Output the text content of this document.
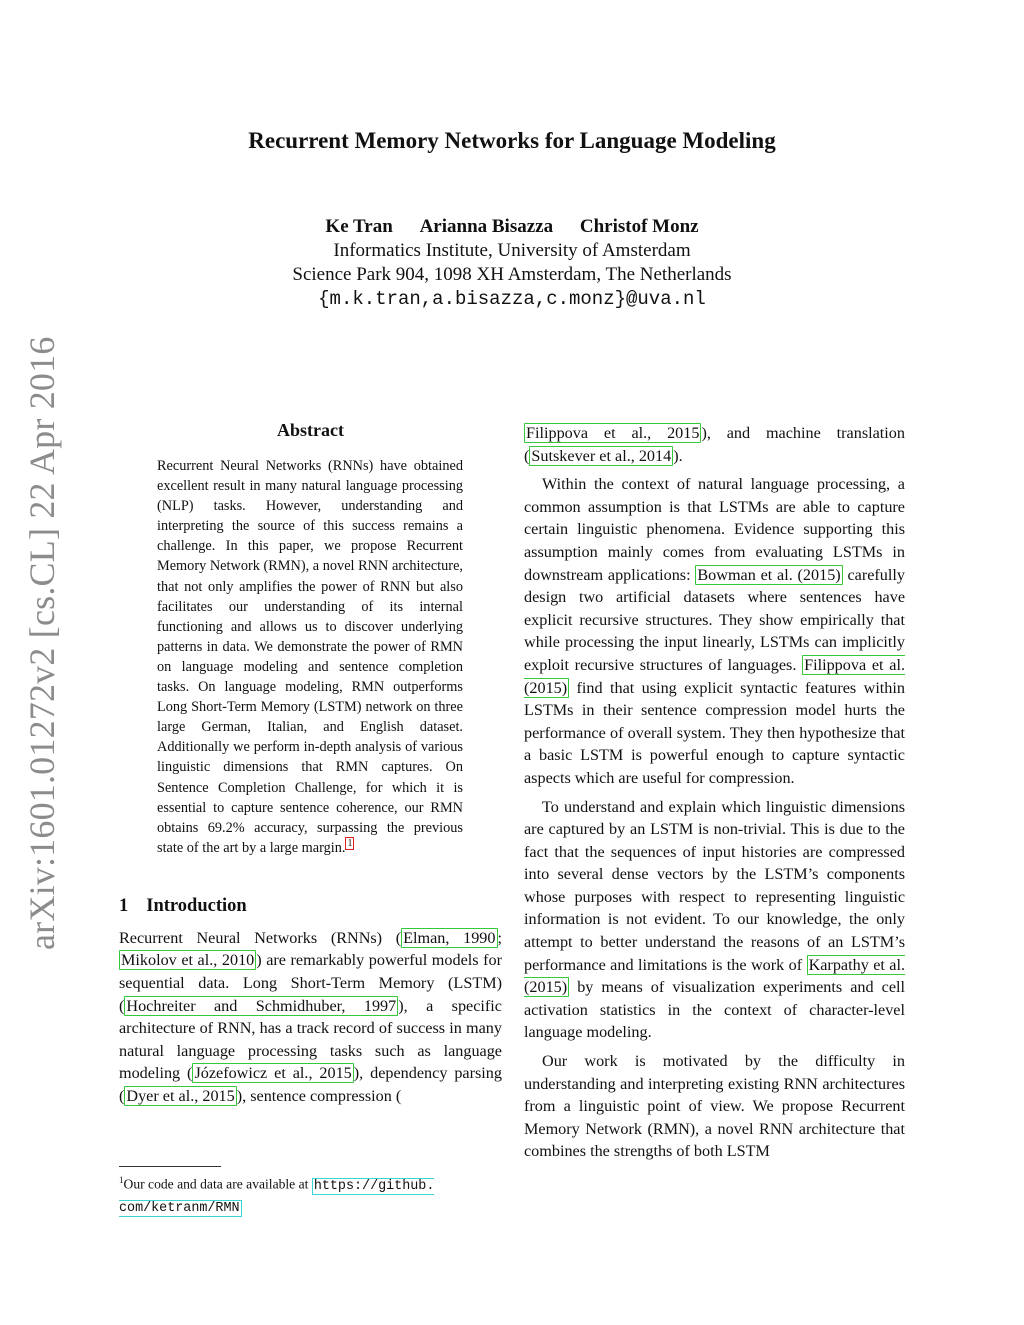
arXiv:1601.01272v2 [cs.CL] 22 Apr 2016
Recurrent Memory Networks for Language Modeling
Ke Tran Arianna Bisazza Christof Monz
Informatics Institute, University of Amsterdam
Science Park 904, 1098 XH Amsterdam, The Netherlands
{m.k.tran,a.bisazza,c.monz}@uva.nl
Abstract

Recurrent Neural Networks (RNNs) have obtained excellent result in many natural language processing (NLP) tasks. However, understanding and interpreting the source of this success remains a challenge. In this paper, we propose Recurrent Memory Network (RMN), a novel RNN architecture, that not only amplifies the power of RNN but also facilitates our understanding of its internal functioning and allows us to discover underlying patterns in data. We demonstrate the power of RMN on language modeling and sentence completion tasks. On language modeling, RMN outperforms Long Short-Term Memory (LSTM) network on three large German, Italian, and English dataset. Additionally we perform in-depth analysis of various linguistic dimensions that RMN captures. On Sentence Completion Challenge, for which it is essential to capture sentence coherence, our RMN obtains 69.2% accuracy, surpassing the previous state of the art by a large margin. $^1$

1 Introduction

Recurrent Neural Networks (RNNs) ( Elman, 1990 ; Mikolov et al., 2010 ) are remarkably powerful models for sequential data. Long Short-Term Memory (LSTM) ( Hochreiter and Schmidhuber, 1997 ), a specific architecture of RNN, has a track record of success in many natural language processing tasks such as language modeling ( Józefowicz et al., 2015 ), dependency parsing ( Dyer et al., 2015 ), sentence compression (

$^1$Our code and data are available at https://github. com/ketranm/RMN

Filippova et al., 2015 ), and machine translation ( Sutskever et al., 2014 ).

Within the context of natural language processing, a common assumption is that LSTMs are able to capture certain linguistic phenomena. Evidence supporting this assumption mainly comes from evaluating LSTMs in downstream applications: Bowman et al. (2015) carefully design two artificial datasets where sentences have explicit recursive structures. They show empirically that while processing the input linearly, LSTMs can implicitly exploit recursive structures of languages. Filippova et al. (2015) find that using explicit syntactic features within LSTMs in their sentence compression model hurts the performance of overall system. They then hypothesize that a basic LSTM is powerful enough to capture syntactic aspects which are useful for compression.

To understand and explain which linguistic dimensions are captured by an LSTM is non-trivial. This is due to the fact that the sequences of input histories are compressed into several dense vectors by the LSTM’s components whose purposes with respect to representing linguistic information is not evident. To our knowledge, the only attempt to better understand the reasons of an LSTM’s performance and limitations is the work of Karpathy et al. (2015) by means of visualization experiments and cell activation statistics in the context of character-level language modeling.

Our work is motivated by the difficulty in understanding and interpreting existing RNN architectures from a linguistic point of view. We propose Recurrent Memory Network (RMN), a novel RNN architecture that combines the strengths of both LSTM
